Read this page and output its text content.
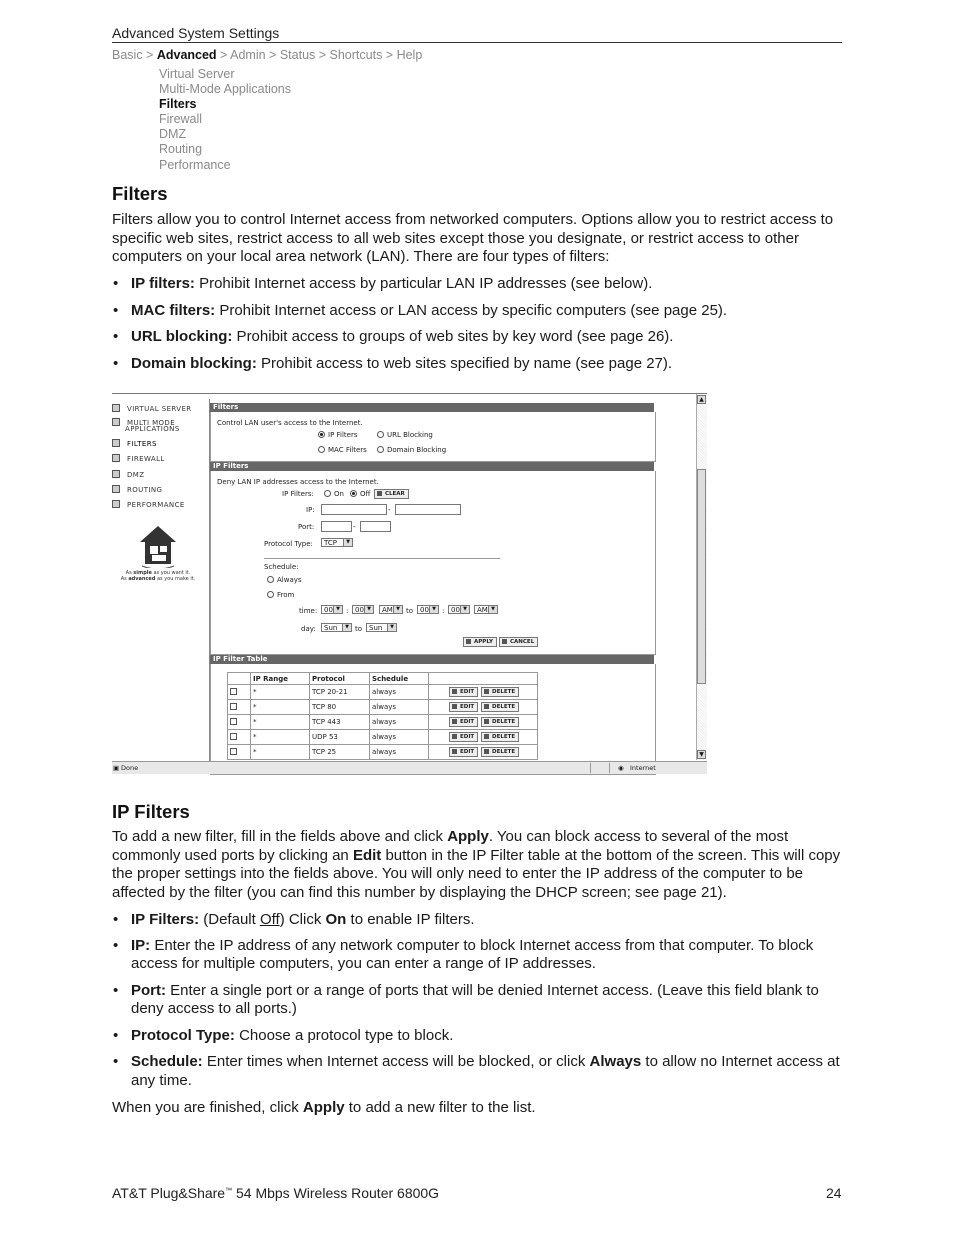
Advanced System Settings
Basic > Advanced > Admin > Status > Shortcuts > Help
Virtual Server
Multi-Mode Applications
Filters
Firewall
DMZ
Routing
Performance
Filters
Filters allow you to control Internet access from networked computers. Options allow you to restrict access to specific web sites, restrict access to all web sites except those you designate, or restrict access to other computers on your local area network (LAN). There are four types of filters:
• IP filters: Prohibit Internet access by particular LAN IP addresses (see below).
• MAC filters: Prohibit Internet access or LAN access by specific computers (see page 25).
• URL blocking: Prohibit access to groups of web sites by key word (see page 26).
• Domain blocking: Prohibit access to web sites specified by name (see page 27).
VIRTUAL SERVER
MULTI MODE
APPLICATIONS
FILTERS
FIREWALL
DMZ
ROUTING
PERFORMANCE
As simple as you want it.
As advanced as you make it.
Filters
Control LAN user's access to the Internet.
IP Filters	URL Blocking
MAC Filters	Domain Blocking
IP Filters
Deny LAN IP addresses access to the Internet.
IP Filters:	On	Off	CLEAR
IP:	-
Port:	-
Protocol Type:	TCP ▼
Schedule:
Always
From
time: 00 ▼	: 00 ▼	AM ▼	to 00 ▼	: 00 ▼	AM ▼
day:	Sun ▼	to Sun ▼
APPLY	CANCEL
IP Filter Table
	IP Range	Protocol	Schedule	
	*	TCP 20-21	always	EDIT DELETE

	*	TCP 80	always	EDIT DELETE

	*	TCP 443	always	EDIT DELETE

	*	UDP 53	always	EDIT DELETE

	*	TCP 25	always	EDIT DELETE
▲
▼
▣ Done	◉ Internet
IP Filters
To add a new filter, fill in the fields above and click Apply. You can block access to several of the most commonly used ports by clicking an Edit button in the IP Filter table at the bottom of the screen. This will copy the proper settings into the fields above. You will only need to enter the IP address of the computer to be affected by the filter (you can find this number by displaying the DHCP screen; see page 21).
• IP Filters: (Default Off) Click On to enable IP filters.
• IP: Enter the IP address of any network computer to block Internet access from that computer. To block access for multiple computers, you can enter a range of IP addresses.
• Port: Enter a single port or a range of ports that will be denied Internet access. (Leave this field blank to deny access to all ports.)
• Protocol Type: Choose a protocol type to block.
• Schedule: Enter times when Internet access will be blocked, or click Always to allow no Internet access at any time.
When you are finished, click Apply to add a new filter to the list.
AT&T Plug&Share™ 54 Mbps Wireless Router 6800G	24
